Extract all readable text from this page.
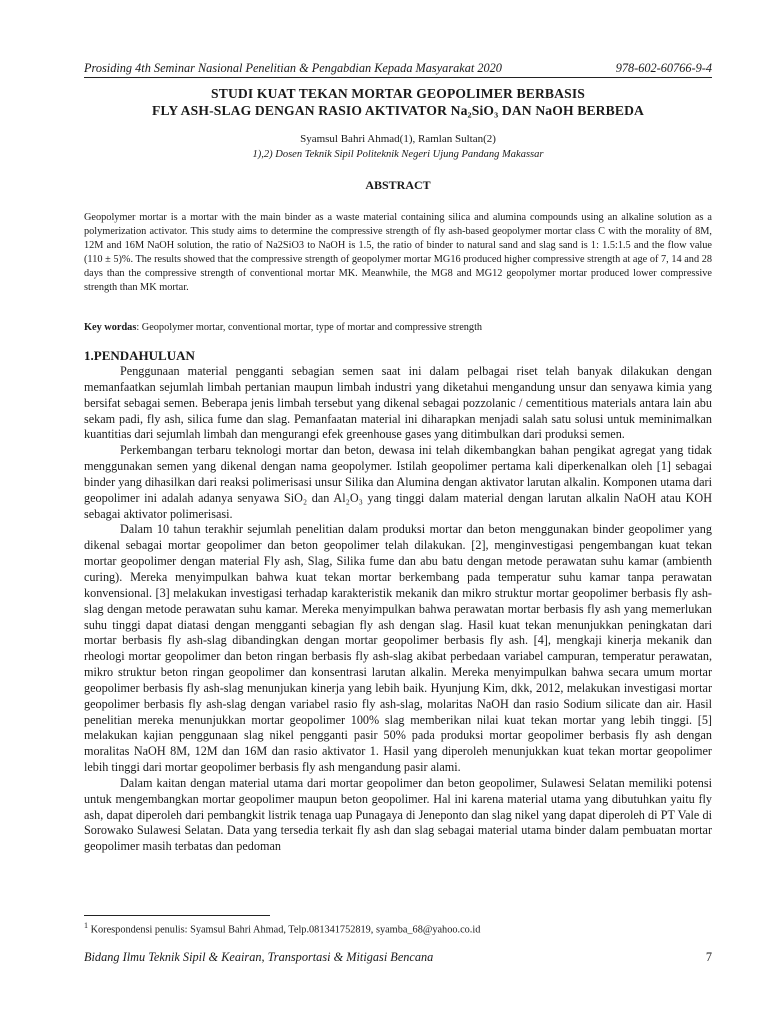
Prosiding 4th Seminar Nasional Penelitian & Pengabdian Kepada Masyarakat 2020	978-602-60766-9-4
STUDI KUAT TEKAN MORTAR GEOPOLIMER BERBASIS
FLY ASH-SLAG DENGAN RASIO AKTIVATOR Na₂SiO₃ DAN NaOH BERBEDA
Syamsul Bahri Ahmad(1), Ramlan Sultan(2)
1),2) Dosen Teknik Sipil Politeknik Negeri Ujung Pandang Makassar
ABSTRACT
Geopolymer mortar is a mortar with the main binder as a waste material containing silica and alumina compounds using an alkaline solution as a polymerization activator. This study aims to determine the compressive strength of fly ash-based geopolymer mortar class C with the morality of 8M, 12M and 16M NaOH solution, the ratio of Na2SiO3 to NaOH is 1.5, the ratio of binder to natural sand and slag sand is 1: 1.5:1.5 and the flow value (110 ± 5)%. The results showed that the compressive strength of geopolymer mortar MG16 produced higher compressive strength at age of 7, 14 and 28 days than the compressive strength of conventional mortar MK. Meanwhile, the MG8 and MG12 geopolymer mortar produced lower compressive strength than MK mortar.
Key wordas: Geopolymer mortar, conventional mortar, type of mortar and compressive strength
1.PENDAHULUAN

Penggunaan material pengganti sebagian semen saat ini dalam pelbagai riset telah banyak dilakukan dengan memanfaatkan sejumlah limbah pertanian maupun limbah industri yang diketahui mengandung unsur dan senyawa kimia yang bersifat sebagai semen. Beberapa jenis limbah tersebut yang dikenal sebagai pozzolanic / cementitious materials antara lain abu sekam padi, fly ash, silica fume dan slag. Pemanfaatan material ini diharapkan menjadi salah satu solusi untuk meminimalkan kuantitias dari sejumlah limbah dan mengurangi efek greenhouse gases yang ditimbulkan dari produksi semen.

Perkembangan terbaru teknologi mortar dan beton, dewasa ini telah dikembangkan bahan pengikat agregat yang tidak menggunakan semen yang dikenal dengan nama geopolymer. Istilah geopolimer pertama kali diperkenalkan oleh [1] sebagai binder yang dihasilkan dari reaksi polimerisasi unsur Silika dan Alumina dengan aktivator larutan alkalin. Komponen utama dari geopolimer ini adalah adanya senyawa SiO₂ dan Al₂O₃ yang tinggi dalam material dengan larutan alkalin NaOH atau KOH sebagai aktivator polimerisasi.

Dalam 10 tahun terakhir sejumlah penelitian dalam produksi mortar dan beton menggunakan binder geopolimer yang dikenal sebagai mortar geopolimer dan beton geopolimer telah dilakukan. [2], menginvestigasi pengembangan kuat tekan mortar geopolimer dengan material Fly ash, Slag, Silika fume dan abu batu dengan metode perawatan suhu kamar (ambienth curing). Mereka menyimpulkan bahwa kuat tekan mortar berkembang pada temperatur suhu kamar tanpa perawatan konvensional. [3] melakukan investigasi terhadap karakteristik mekanik dan mikro struktur mortar geopolimer berbasis fly ash-slag dengan metode perawatan suhu kamar. Mereka menyimpulkan bahwa perawatan mortar berbasis fly ash yang memerlukan suhu tinggi dapat diatasi dengan mengganti sebagian fly ash dengan slag. Hasil kuat tekan menunjukkan peningkatan dari mortar berbasis fly ash-slag dibandingkan dengan mortar geopolimer berbasis fly ash. [4], mengkaji kinerja mekanik dan rheologi mortar geopolimer dan beton ringan berbasis fly ash-slag akibat perbedaan variabel campuran, temperatur perawatan, mikro struktur beton ringan geopolimer dan konsentrasi larutan alkalin. Mereka menyimpulkan bahwa secara umum mortar geopolimer berbasis fly ash-slag menunjukan kinerja yang lebih baik. Hyunjung Kim, dkk, 2012, melakukan investigasi mortar geopolimer berbasis fly ash-slag dengan variabel rasio fly ash-slag, molaritas NaOH dan rasio Sodium silicate dan air. Hasil penelitian mereka menunjukkan mortar geopolimer 100% slag memberikan nilai kuat tekan mortar yang lebih tinggi. [5] melakukan kajian penggunaan slag nikel pengganti pasir 50% pada produksi mortar geopolimer berbasis fly ash dengan moralitas NaOH 8M, 12M dan 16M dan rasio aktivator 1. Hasil yang diperoleh menunjukkan kuat tekan mortar geopolimer lebih tinggi dari mortar geopolimer berbasis fly ash mengandung pasir alami.

Dalam kaitan dengan material utama dari mortar geopolimer dan beton geopolimer, Sulawesi Selatan memiliki potensi untuk mengembangkan mortar geopolimer maupun beton geopolimer. Hal ini karena material utama yang dibutuhkan yaitu fly ash, dapat diperoleh dari pembangkit listrik tenaga uap Punagaya di Jeneponto dan slag nikel yang dapat diperoleh di PT Vale di Sorowako Sulawesi Selatan. Data yang tersedia terkait fly ash dan slag sebagai material utama binder dalam pembuatan mortar geopolimer masih terbatas dan pedoman

$^1$ Korespondensi penulis: Syamsul Bahri Ahmad, Telp.081341752819, syamba_68@yahoo.co.id
Bidang Ilmu Teknik Sipil & Keairan, Transportasi & Mitigasi Bencana	7
